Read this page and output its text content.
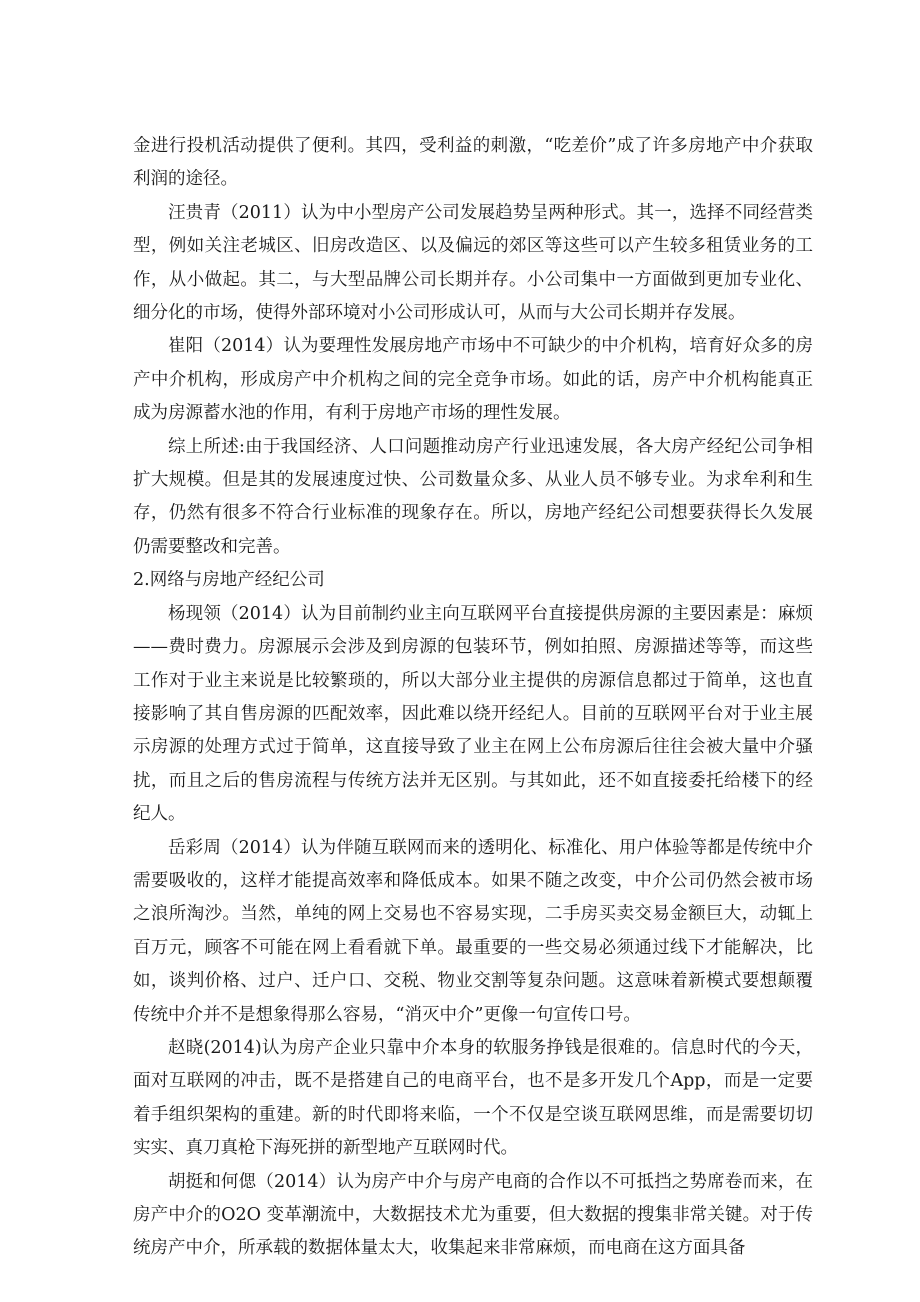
金进行投机活动提供了便利。其四，受利益的刺激，“吃差价”成了许多房地产中介获取利润的途径。

汪贵青（2011）认为中小型房产公司发展趋势呈两种形式。其一，选择不同经营类型，例如关注老城区、旧房改造区、以及偏远的郊区等这些可以产生较多租赁业务的工作，从小做起。其二，与大型品牌公司长期并存。小公司集中一方面做到更加专业化、细分化的市场，使得外部环境对小公司形成认可，从而与大公司长期并存发展。

崔阳（2014）认为要理性发展房地产市场中不可缺少的中介机构，培育好众多的房产中介机构，形成房产中介机构之间的完全竞争市场。如此的话，房产中介机构能真正成为房源蓄水池的作用，有利于房地产市场的理性发展。

综上所述:由于我国经济、人口问题推动房产行业迅速发展，各大房产经纪公司争相扩大规模。但是其的发展速度过快、公司数量众多、从业人员不够专业。为求牟利和生存，仍然有很多不符合行业标准的现象存在。所以，房地产经纪公司想要获得长久发展仍需要整改和完善。

2.网络与房地产经纪公司

杨现领（2014）认为目前制约业主向互联网平台直接提供房源的主要因素是：麻烦——费时费力。房源展示会涉及到房源的包装环节，例如拍照、房源描述等等，而这些工作对于业主来说是比较繁琐的，所以大部分业主提供的房源信息都过于简单，这也直接影响了其自售房源的匹配效率，因此难以绕开经纪人。目前的互联网平台对于业主展示房源的处理方式过于简单，这直接导致了业主在网上公布房源后往往会被大量中介骚扰，而且之后的售房流程与传统方法并无区别。与其如此，还不如直接委托给楼下的经纪人。

岳彩周（2014）认为伴随互联网而来的透明化、标准化、用户体验等都是传统中介需要吸收的，这样才能提高效率和降低成本。如果不随之改变，中介公司仍然会被市场之浪所淘沙。当然，单纯的网上交易也不容易实现，二手房买卖交易金额巨大，动辄上百万元，顾客不可能在网上看看就下单。最重要的一些交易必须通过线下才能解决，比如，谈判价格、过户、迁户口、交税、物业交割等复杂问题。这意味着新模式要想颠覆传统中介并不是想象得那么容易，“消灭中介”更像一句宣传口号。

赵晓(2014)认为房产企业只靠中介本身的软服务挣钱是很难的。信息时代的今天，面对互联网的冲击，既不是搭建自己的电商平台，也不是多开发几个App，而是一定要着手组织架构的重建。新的时代即将来临，一个不仅是空谈互联网思维，而是需要切切实实、真刀真枪下海死拼的新型地产互联网时代。

胡挺和何偲（2014）认为房产中介与房产电商的合作以不可抵挡之势席卷而来，在房产中介的O2O 变革潮流中，大数据技术尤为重要，但大数据的搜集非常关键。对于传统房产中介，所承载的数据体量太大，收集起来非常麻烦，而电商在这方面具备
